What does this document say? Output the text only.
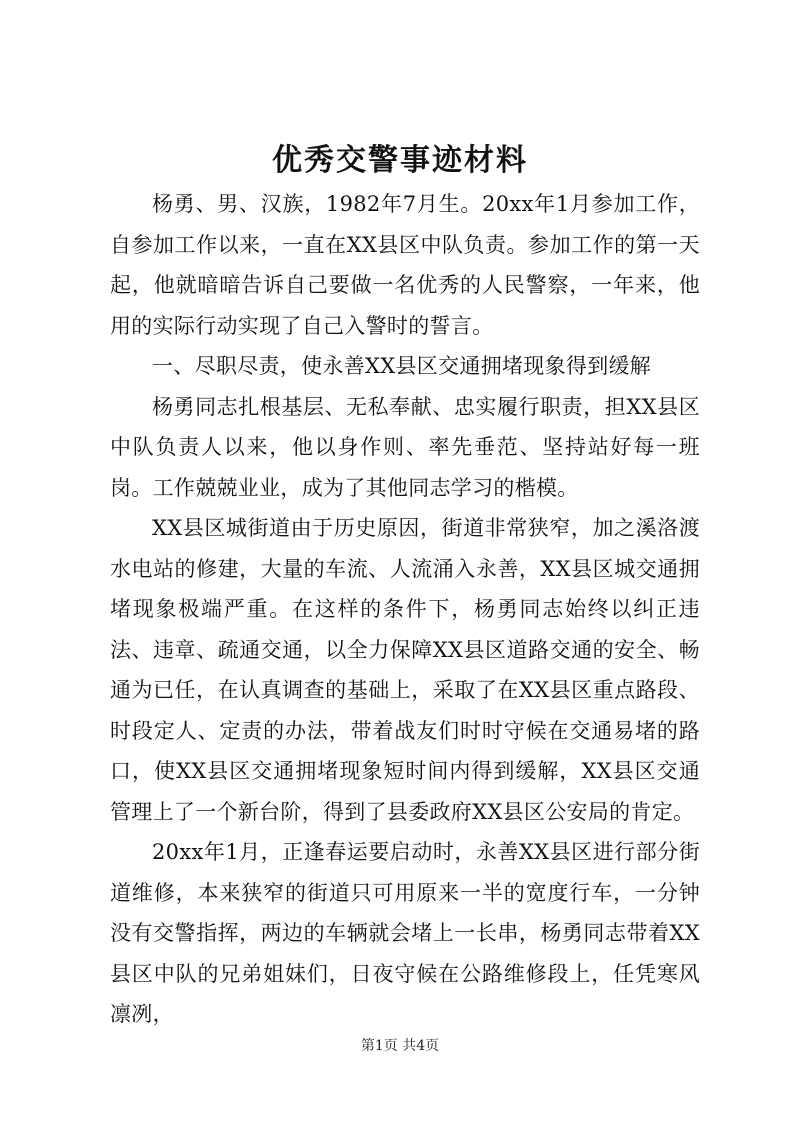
优秀交警事迹材料

杨勇、男、汉族，1982年7月生。20xx年1月参加工作，自参加工作以来，一直在XX县区中队负责。参加工作的第一天起，他就暗暗告诉自己要做一名优秀的人民警察，一年来，他用的实际行动实现了自己入警时的誓言。

一、尽职尽责，使永善XX县区交通拥堵现象得到缓解

杨勇同志扎根基层、无私奉献、忠实履行职责，担XX县区中队负责人以来，他以身作则、率先垂范、坚持站好每一班岗。工作兢兢业业，成为了其他同志学习的楷模。

XX县区城街道由于历史原因，街道非常狭窄，加之溪洛渡水电站的修建，大量的车流、人流涌入永善，XX县区城交通拥堵现象极端严重。在这样的条件下，杨勇同志始终以纠正违法、违章、疏通交通，以全力保障XX县区道路交通的安全、畅通为已任，在认真调查的基础上，采取了在XX县区重点路段、时段定人、定责的办法，带着战友们时时守候在交通易堵的路口，使XX县区交通拥堵现象短时间内得到缓解，XX县区交通管理上了一个新台阶，得到了县委政府XX县区公安局的肯定。

20xx年1月，正逢春运要启动时，永善XX县区进行部分街道维修，本来狭窄的街道只可用原来一半的宽度行车，一分钟没有交警指挥，两边的车辆就会堵上一长串，杨勇同志带着XX县区中队的兄弟姐妹们，日夜守候在公路维修段上，任凭寒风凛冽，

第1页 共4页
